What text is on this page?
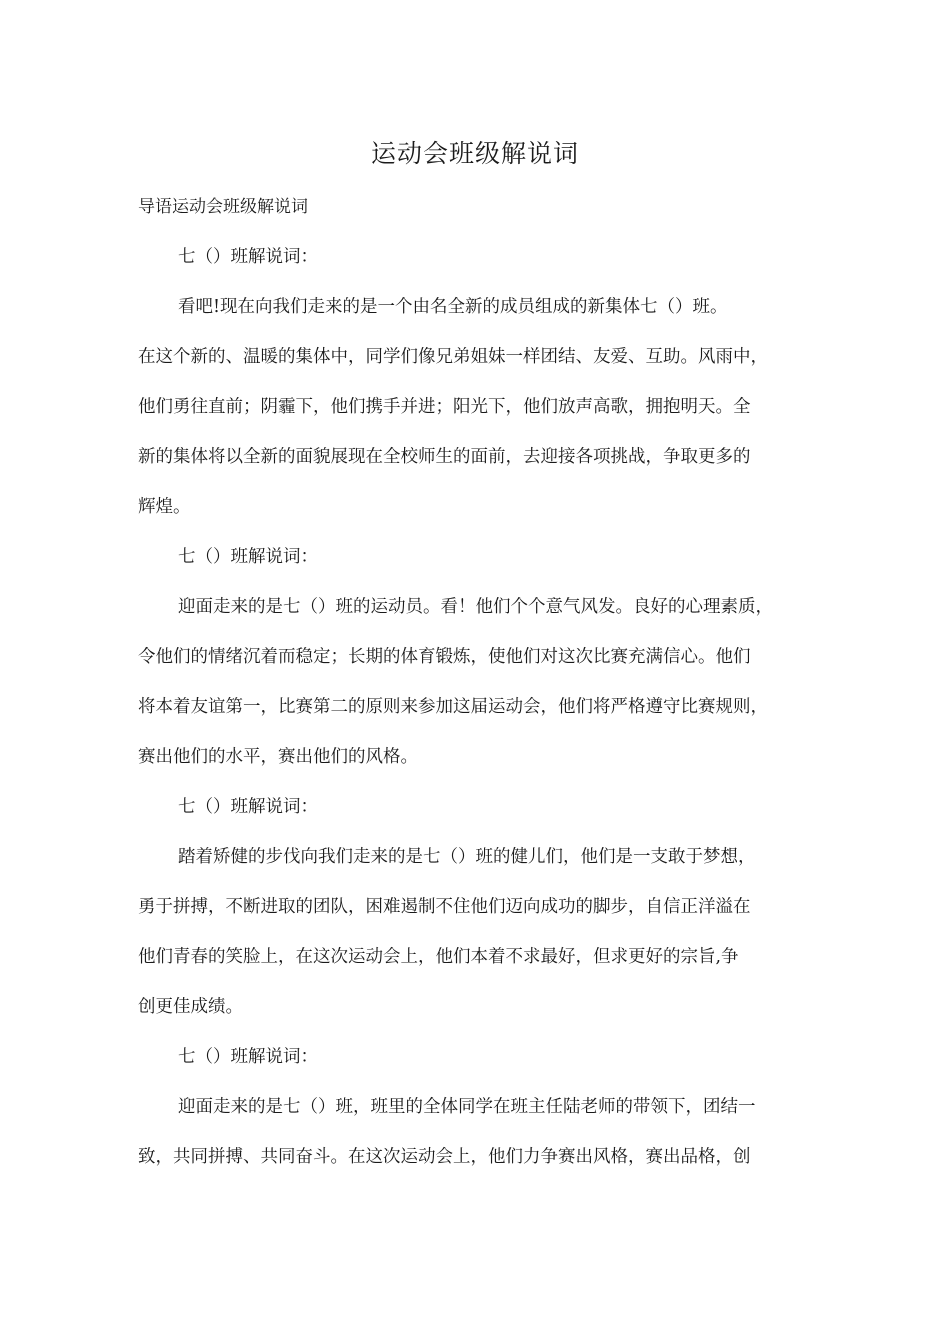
运动会班级解说词
导语运动会班级解说词
七（）班解说词：
看吧!现在向我们走来的是一个由名全新的成员组成的新集体七（）班。
在这个新的、温暖的集体中，同学们像兄弟姐妹一样团结、友爱、互助。风雨中，
他们勇往直前；阴霾下，他们携手并进；阳光下，他们放声高歌，拥抱明天。全
新的集体将以全新的面貌展现在全校师生的面前，去迎接各项挑战，争取更多的
辉煌。
七（）班解说词：
迎面走来的是七（）班的运动员。看！他们个个意气风发。良好的心理素质，
令他们的情绪沉着而稳定；长期的体育锻炼，使他们对这次比赛充满信心。他们
将本着友谊第一，比赛第二的原则来参加这届运动会，他们将严格遵守比赛规则，
赛出他们的水平，赛出他们的风格。
七（）班解说词：
踏着矫健的步伐向我们走来的是七（）班的健儿们，他们是一支敢于梦想，
勇于拼搏，不断进取的团队，困难遏制不住他们迈向成功的脚步，自信正洋溢在
他们青春的笑脸上，在这次运动会上，他们本着不求最好，但求更好的宗旨,争
创更佳成绩。
七（）班解说词：
迎面走来的是七（）班，班里的全体同学在班主任陆老师的带领下，团结一
致，共同拼搏、共同奋斗。在这次运动会上，他们力争赛出风格，赛出品格，创
